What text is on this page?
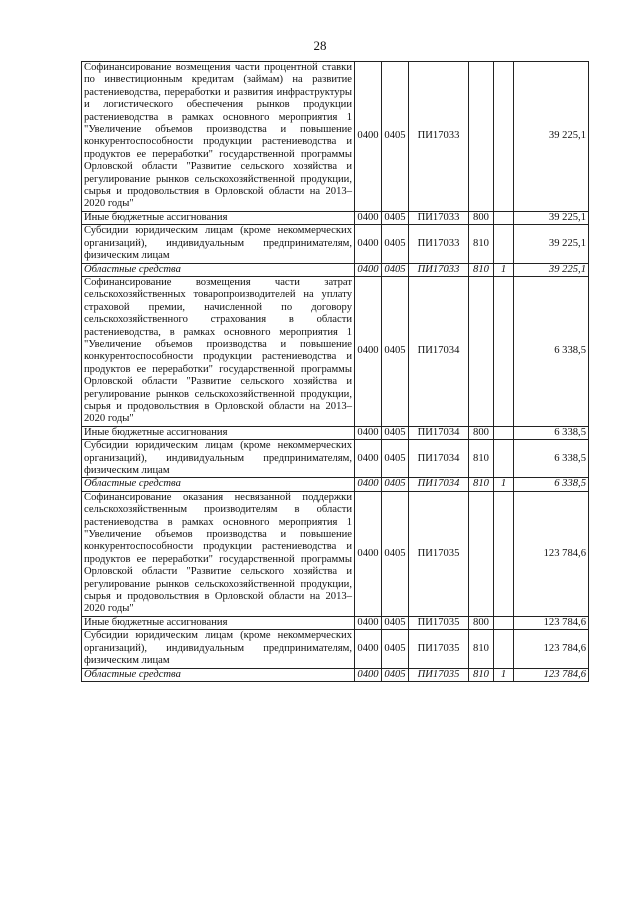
28
Софинансирование возмещения части процентной ставки по инвестиционным кредитам (займам) на развитие растениеводства, переработки и развития инфраструктуры и логистического обеспечения рынков продукции растениеводства в рамках основного мероприятия 1 "Увеличение объемов производства и повышение конкурентоспособности продукции растениеводства и продуктов ее переработки" государственной программы Орловской области "Развитие сельского хозяйства и регулирование рынков сельскохозяйственной продукции, сырья и продовольствия в Орловской области на 2013–2020 годы"	0400	0405	ПИ17033			39 225,1
Иные бюджетные ассигнования	0400	0405	ПИ17033	800		39 225,1
Субсидии юридическим лицам (кроме некоммерческих организаций), индивидуальным предпринимателям, физическим лицам	0400	0405	ПИ17033	810		39 225,1
Областные средства	0400	0405	ПИ17033	810	1	39 225,1
Софинансирование возмещения части затрат сельскохозяйственных товаропроизводителей на уплату страховой премии, начисленной по договору сельскохозяйственного страхования в области растениеводства, в рамках основного мероприятия 1 "Увеличение объемов производства и повышение конкурентоспособности продукции растениеводства и продуктов ее переработки" государственной программы Орловской области "Развитие сельского хозяйства и регулирование рынков сельскохозяйственной продукции, сырья и продовольствия в Орловской области на 2013–2020 годы"	0400	0405	ПИ17034			6 338,5
Иные бюджетные ассигнования	0400	0405	ПИ17034	800		6 338,5
Субсидии юридическим лицам (кроме некоммерческих организаций), индивидуальным предпринимателям, физическим лицам	0400	0405	ПИ17034	810		6 338,5
Областные средства	0400	0405	ПИ17034	810	1	6 338,5
Софинансирование оказания несвязанной поддержки сельскохозяйственным производителям в области растениеводства в рамках основного мероприятия 1 "Увеличение объемов производства и повышение конкурентоспособности продукции растениеводства и продуктов ее переработки" государственной программы Орловской области "Развитие сельского хозяйства и регулирование рынков сельскохозяйственной продукции, сырья и продовольствия в Орловской области на 2013–2020 годы"	0400	0405	ПИ17035			123 784,6
Иные бюджетные ассигнования	0400	0405	ПИ17035	800		123 784,6
Субсидии юридическим лицам (кроме некоммерческих организаций), индивидуальным предпринимателям, физическим лицам	0400	0405	ПИ17035	810		123 784,6
Областные средства	0400	0405	ПИ17035	810	1	123 784,6
